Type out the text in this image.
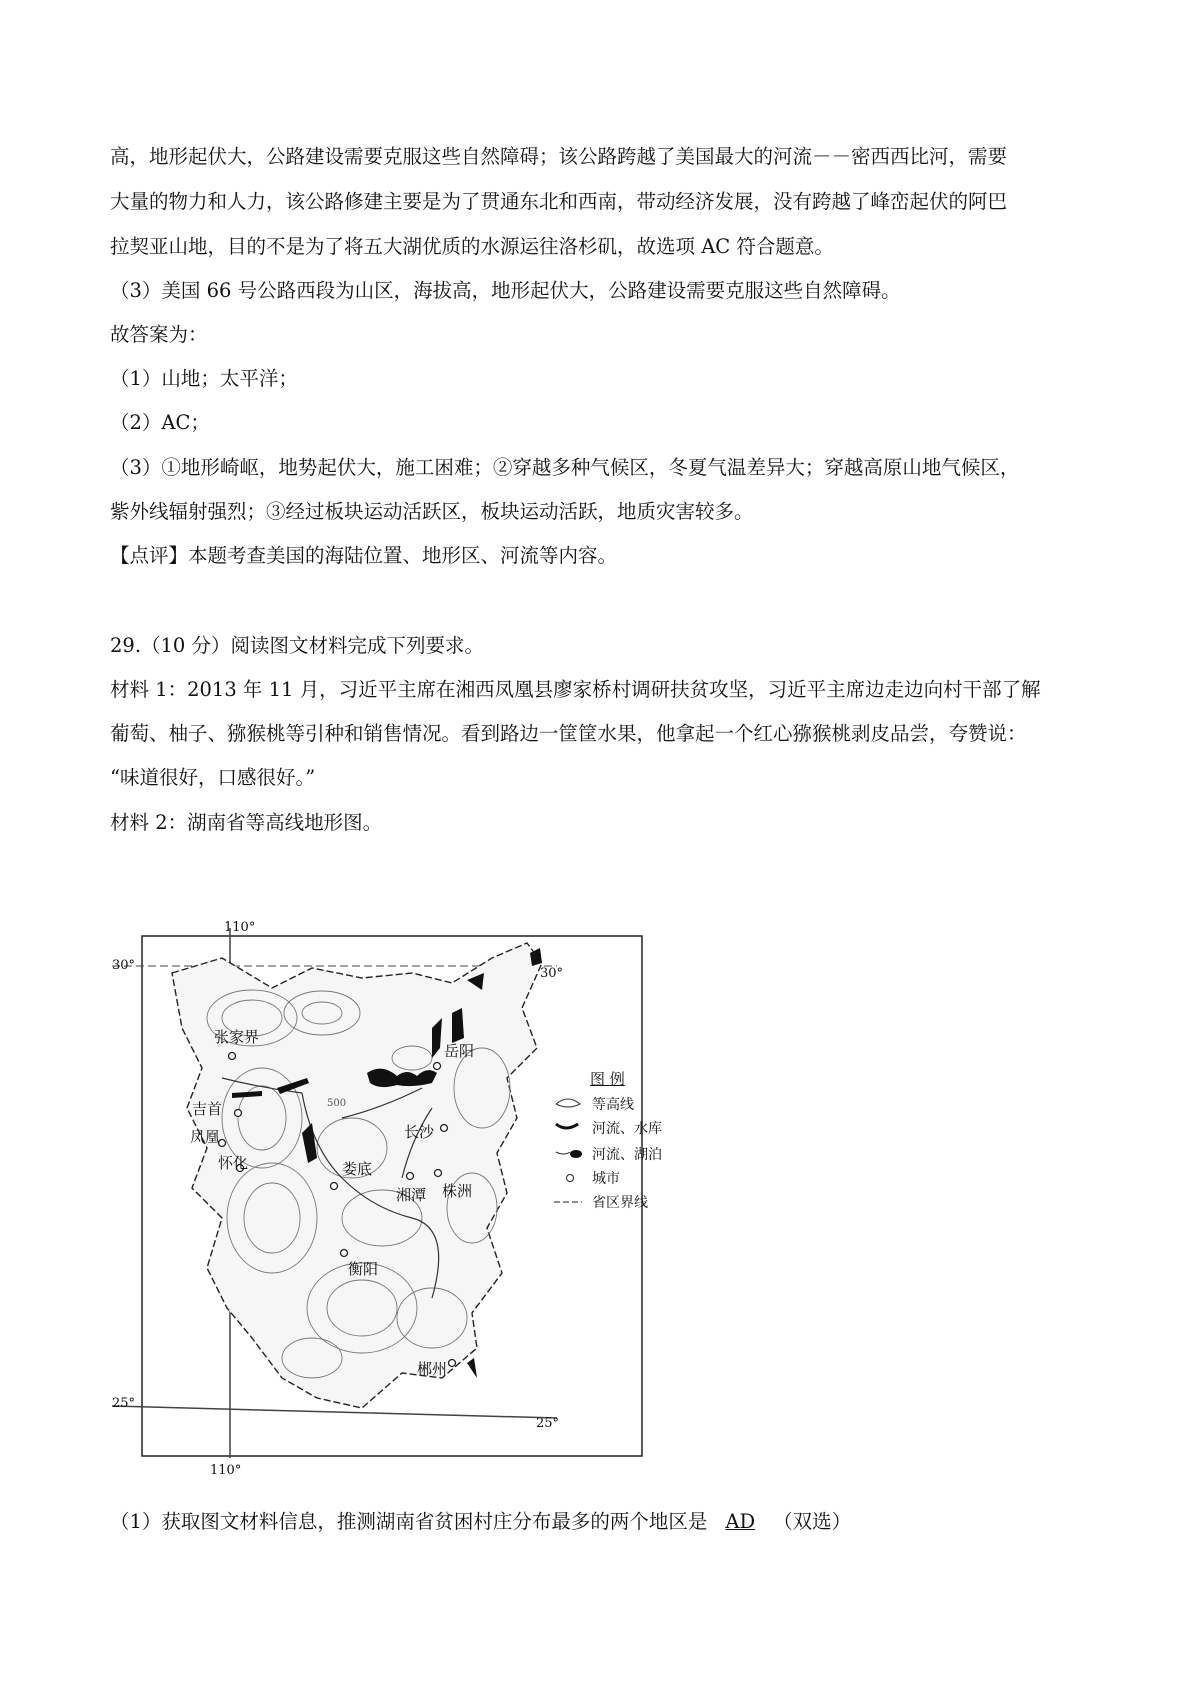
高，地形起伏大，公路建设需要克服这些自然障碍；该公路跨越了美国最大的河流－－密西西比河，需要
大量的物力和人力，该公路修建主要是为了贯通东北和西南，带动经济发展，没有跨越了峰峦起伏的阿巴
拉契亚山地，目的不是为了将五大湖优质的水源运往洛杉矶，故选项 AC 符合题意。
（3）美国 66 号公路西段为山区，海拔高，地形起伏大，公路建设需要克服这些自然障碍。
故答案为：
（1）山地；太平洋；
（2）AC；
（3）①地形崎岖，地势起伏大，施工困难；②穿越多种气候区，冬夏气温差异大；穿越高原山地气候区，
紫外线辐射强烈；③经过板块运动活跃区，板块运动活跃，地质灾害较多。
【点评】本题考查美国的海陆位置、地形区、河流等内容。
29.（10 分）阅读图文材料完成下列要求。
材料 1：2013 年 11 月，习近平主席在湘西凤凰县廖家桥村调研扶贫攻坚，习近平主席边走边向村干部了解
葡萄、柚子、猕猴桃等引种和销售情况。看到路边一筐筐水果，他拿起一个红心猕猴桃剥皮品尝，夸赞说：
“味道很好，口感很好。”
材料 2：湖南省等高线地形图。
30°
30°
25°
25°
110°
110°
500
张家界
岳阳
吉首
凤凰
怀化
长沙
娄底
湘潭 株洲
衡阳
郴州
图 例
等高线
河流、水库
河流、湖泊
城市
省区界线
（1）获取图文材料信息，推测湖南省贫困村庄分布最多的两个地区是 AD （双选）
